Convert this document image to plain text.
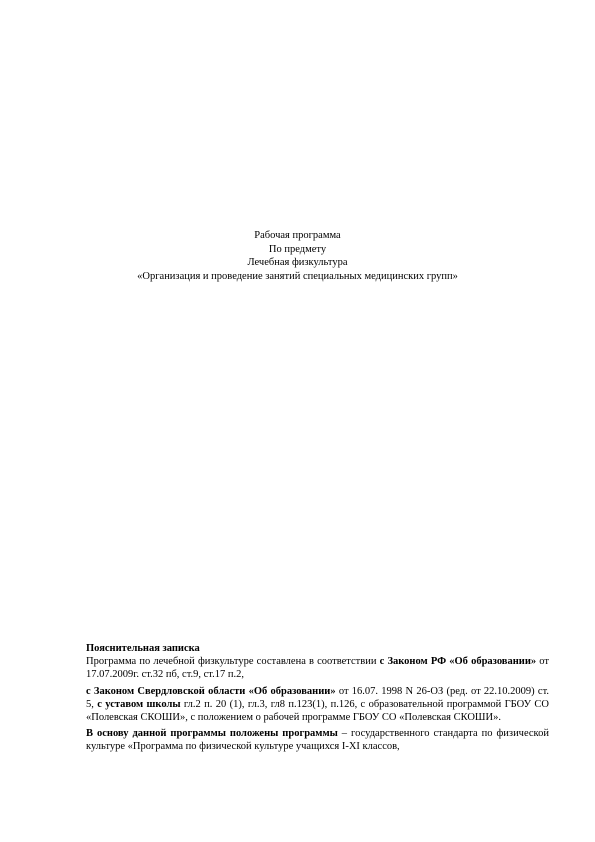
Рабочая программа
По предмету
Лечебная физкультура
«Организация и проведение занятий специальных медицинских групп»

Пояснительная записка

Программа по лечебной физкультуре составлена в соответствии с Законом РФ «Об образовании» от 17.07.2009г. ст.32 пб, ст.9, ст.17 п.2,

с Законом Свердловской области «Об образовании» от 16.07. 1998 N 26-ОЗ (ред. от 22.10.2009) ст. 5, с уставом школы гл.2 п. 20 (1), гл.3, гл8 п.123(1), п.126, с образовательной программой ГБОУ СО «Полевская СКОШИ», с положением о рабочей программе ГБОУ СО «Полевская СКОШИ».

В основу данной программы положены программы – государственного стандарта по физической культуре «Программа по физической культуре учащихся I-XI классов,
